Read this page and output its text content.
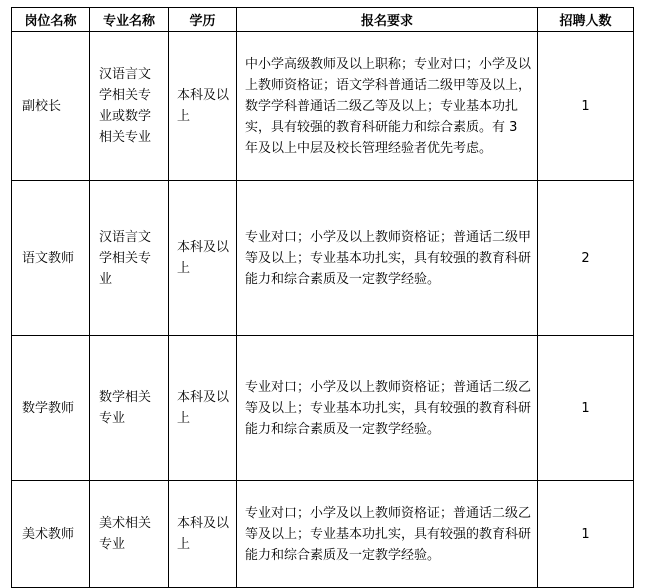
岗位名称	专业名称	学历	报名要求	招聘人数
副校长	汉语言文学相关专业或数学相关专业	本科及以上	中小学高级教师及以上职称；专业对口；小学及以上教师资格证；语文学科普通话二级甲等及以上，数学学科普通话二级乙等及以上；专业基本功扎实，具有较强的教育科研能力和综合素质。有 3 年及以上中层及校长管理经验者优先考虑。	1
语文教师	汉语言文学相关专业	本科及以上	专业对口；小学及以上教师资格证；普通话二级甲等及以上；专业基本功扎实，具有较强的教育科研能力和综合素质及一定教学经验。	2
数学教师	数学相关专业	本科及以上	专业对口；小学及以上教师资格证；普通话二级乙等及以上；专业基本功扎实，具有较强的教育科研能力和综合素质及一定教学经验。	1
美术教师	美术相关专业	本科及以上	专业对口；小学及以上教师资格证；普通话二级乙等及以上；专业基本功扎实，具有较强的教育科研能力和综合素质及一定教学经验。	1
